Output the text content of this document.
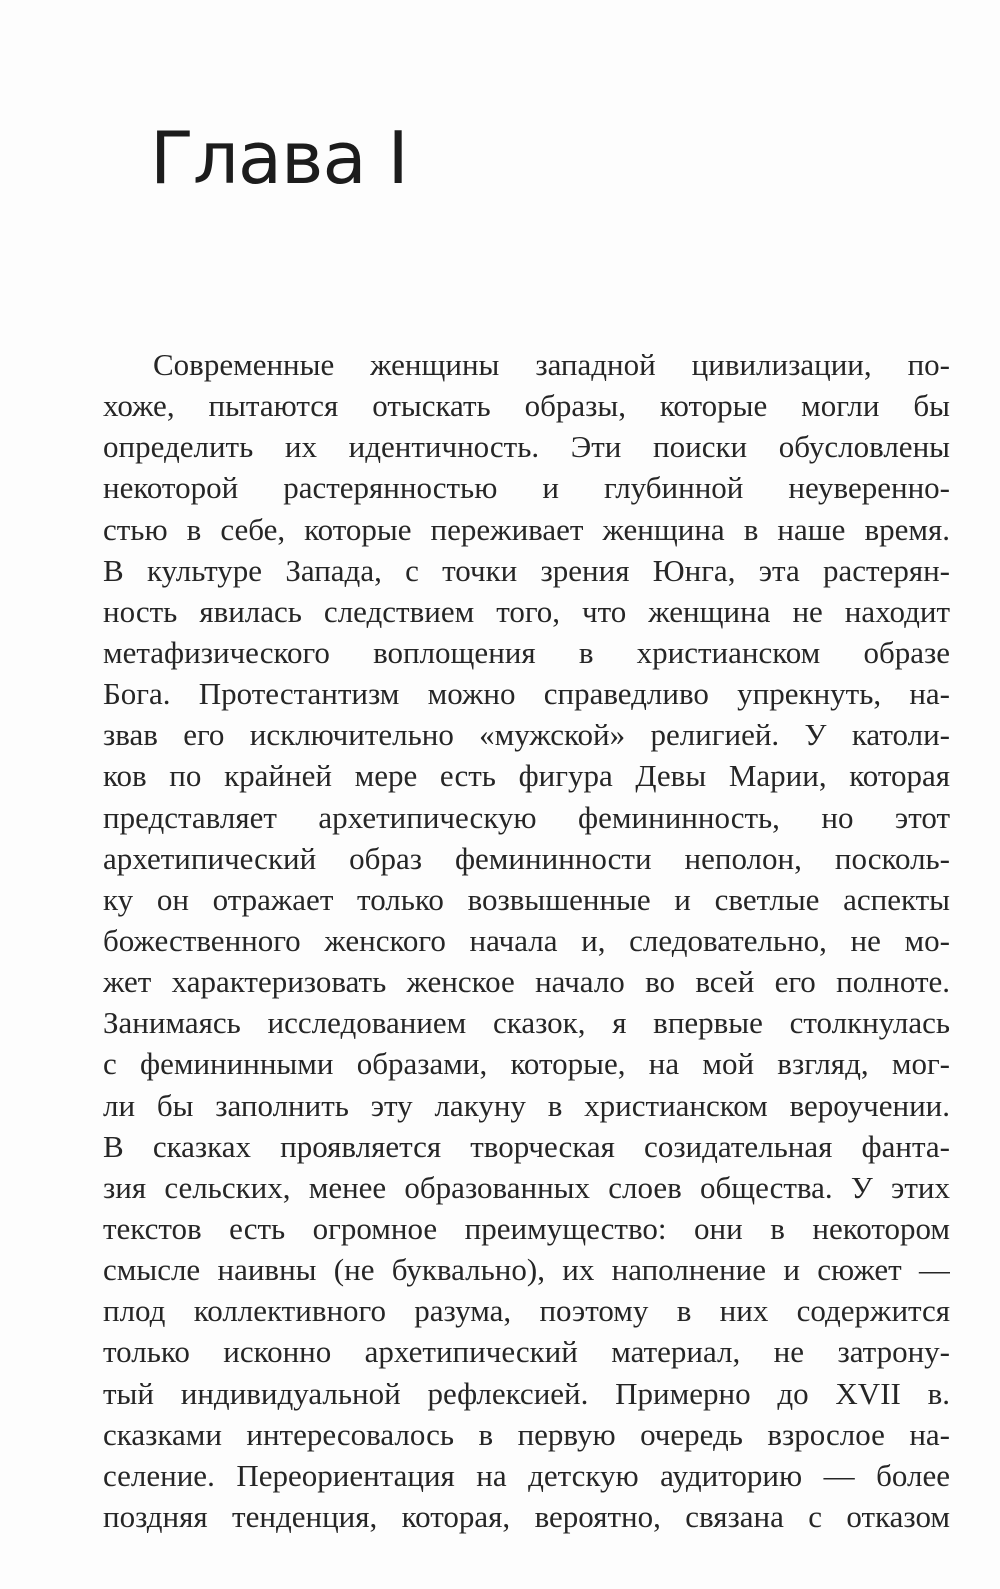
Глава I
Современные женщины западной цивилизации, по-
хоже, пытаются отыскать образы, которые могли бы
определить их идентичность. Эти поиски обусловлены
некоторой растерянностью и глубинной неуверенно-
стью в себе, которые переживает женщина в наше время.
В культуре Запада, с точки зрения Юнга, эта растерян-
ность явилась следствием того, что женщина не находит
метафизического воплощения в христианском образе
Бога. Протестантизм можно справедливо упрекнуть, на-
звав его исключительно «мужской» религией. У католи-
ков по крайней мере есть фигура Девы Марии, которая
представляет архетипическую фемининность, но этот
архетипический образ фемининности неполон, посколь-
ку он отражает только возвышенные и светлые аспекты
божественного женского начала и, следовательно, не мо-
жет характеризовать женское начало во всей его полноте.
Занимаясь исследованием сказок, я впервые столкнулась
с фемининными образами, которые, на мой взгляд, мог-
ли бы заполнить эту лакуну в христианском вероучении.
В сказках проявляется творческая созидательная фанта-
зия сельских, менее образованных слоев общества. У этих
текстов есть огромное преимущество: они в некотором
смысле наивны (не буквально), их наполнение и сюжет —
плод коллективного разума, поэтому в них содержится
только исконно архетипический материал, не затрону-
тый индивидуальной рефлексией. Примерно до XVII в.
сказками интересовалось в первую очередь взрослое на-
селение. Переориентация на детскую аудиторию — более
поздняя тенденция, которая, вероятно, связана с отказом
